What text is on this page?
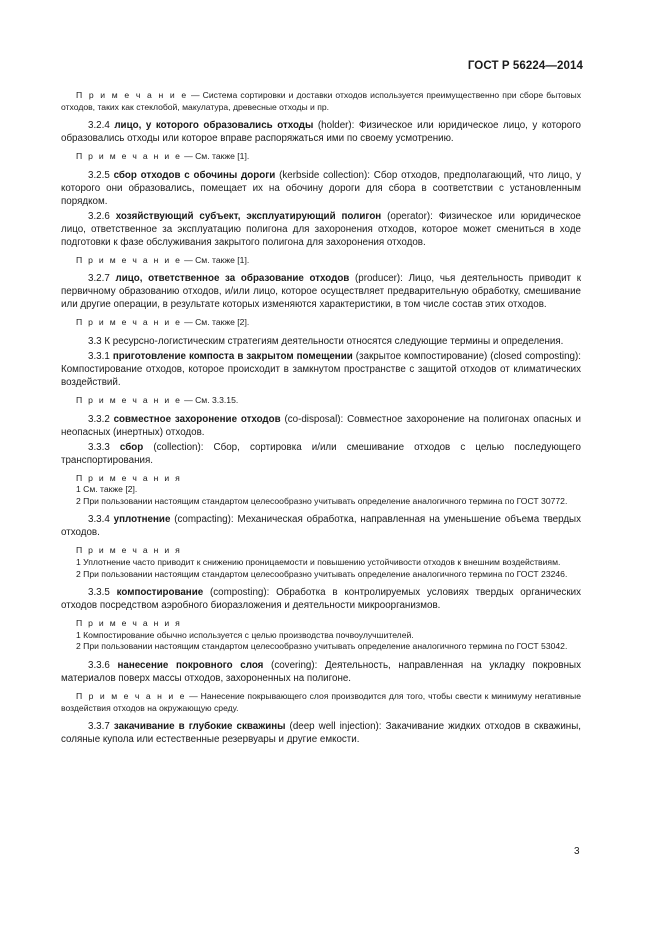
ГОСТ Р 56224—2014

П р и м е ч а н и е — Система сортировки и доставки отходов используется преимущественно при сборе бытовых отходов, таких как стеклобой, макулатура, древесные отходы и пр.

3.2.4 лицо, у которого образовались отходы (holder): Физическое или юридическое лицо, у которого образовались отходы или которое вправе распоряжаться ими по своему усмотрению.

П р и м е ч а н и е — См. также [1].

3.2.5 сбор отходов с обочины дороги (kerbside collection): Сбор отходов, предполагающий, что лицо, у которого они образовались, помещает их на обочину дороги для сбора в соответствии с установленным порядком.

3.2.6 хозяйствующий субъект, эксплуатирующий полигон (operator): Физическое или юридическое лицо, ответственное за эксплуатацию полигона для захоронения отходов, которое может смениться в ходе подготовки к фазе обслуживания закрытого полигона для захоронения отходов.

П р и м е ч а н и е — См. также [1].

3.2.7 лицо, ответственное за образование отходов (producer): Лицо, чья деятельность приводит к первичному образованию отходов, и/или лицо, которое осуществляет предварительную обработку, смешивание или другие операции, в результате которых изменяются характеристики, в том числе состав этих отходов.

П р и м е ч а н и е — См. также [2].

3.3 К ресурсно-логистическим стратегиям деятельности относятся следующие термины и определения.

3.3.1 приготовление компоста в закрытом помещении (закрытое компостирование) (closed composting): Компостирование отходов, которое происходит в замкнутом пространстве с защитой отходов от климатических воздействий.

П р и м е ч а н и е — См. 3.3.15.

3.3.2 совместное захоронение отходов (co-disposal): Совместное захоронение на полигонах опасных и неопасных (инертных) отходов.

3.3.3 сбор (collection): Сбор, сортировка и/или смешивание отходов с целью последующего транспортирования.

П р и м е ч а н и я
1 См. также [2].
2 При пользовании настоящим стандартом целесообразно учитывать определение аналогичного термина по ГОСТ 30772.

3.3.4 уплотнение (compacting): Механическая обработка, направленная на уменьшение объема твердых отходов.

П р и м е ч а н и я
1 Уплотнение часто приводит к снижению проницаемости и повышению устойчивости отходов к внешним воздействиям.
2 При пользовании настоящим стандартом целесообразно учитывать определение аналогичного термина по ГОСТ 23246.

3.3.5 компостирование (composting): Обработка в контролируемых условиях твердых органических отходов посредством аэробного биоразложения и деятельности микроорганизмов.

П р и м е ч а н и я
1 Компостирование обычно используется с целью производства почвоулучшителей.
2 При пользовании настоящим стандартом целесообразно учитывать определение аналогичного термина по ГОСТ 53042.

3.3.6 нанесение покровного слоя (covering): Деятельность, направленная на укладку покровных материалов поверх массы отходов, захороненных на полигоне.

П р и м е ч а н и е — Нанесение покрывающего слоя производится для того, чтобы свести к минимуму негативные воздействия отходов на окружающую среду.

3.3.7 закачивание в глубокие скважины (deep well injection): Закачивание жидких отходов в скважины, соляные купола или естественные резервуары и другие емкости.

3
